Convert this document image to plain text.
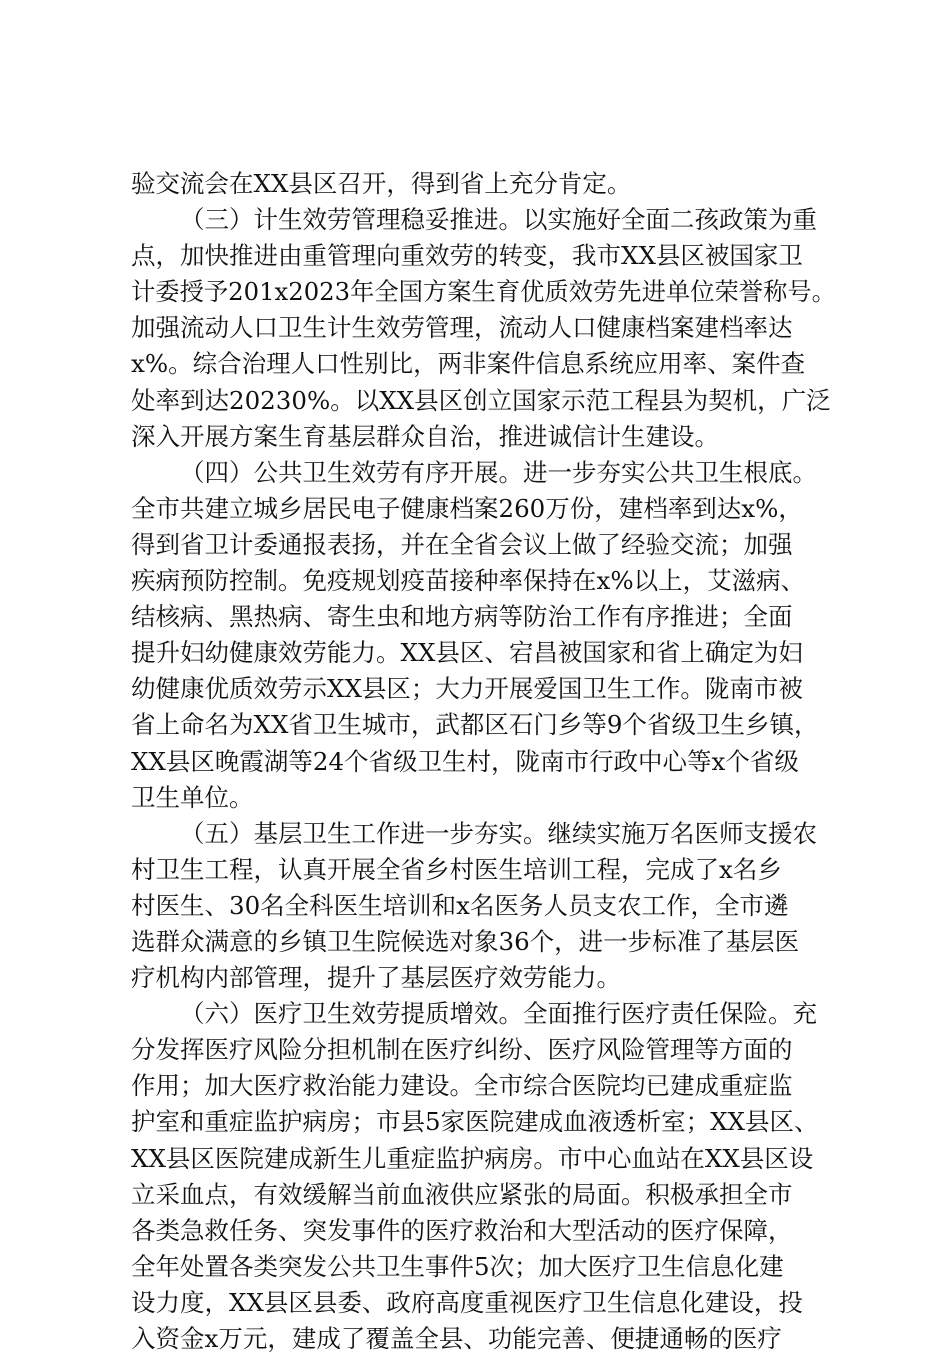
验交流会在XX县区召开，得到省上充分肯定。
（三）计生效劳管理稳妥推进。以实施好全面二孩政策为重
点，加快推进由重管理向重效劳的转变，我市XX县区被国家卫
计委授予201x2023年全国方案生育优质效劳先进单位荣誉称号。
加强流动人口卫生计生效劳管理，流动人口健康档案建档率达
x%。综合治理人口性别比，两非案件信息系统应用率、案件查
处率到达20230%。以XX县区创立国家示范工程县为契机，广泛
深入开展方案生育基层群众自治，推进诚信计生建设。
（四）公共卫生效劳有序开展。进一步夯实公共卫生根底。
全市共建立城乡居民电子健康档案260万份，建档率到达x%，
得到省卫计委通报表扬，并在全省会议上做了经验交流；加强
疾病预防控制。免疫规划疫苗接种率保持在x%以上，艾滋病、
结核病、黑热病、寄生虫和地方病等防治工作有序推进；全面
提升妇幼健康效劳能力。XX县区、宕昌被国家和省上确定为妇
幼健康优质效劳示XX县区；大力开展爱国卫生工作。陇南市被
省上命名为XX省卫生城市，武都区石门乡等9个省级卫生乡镇，
XX县区晚霞湖等24个省级卫生村，陇南市行政中心等x个省级
卫生单位。
（五）基层卫生工作进一步夯实。继续实施万名医师支援农
村卫生工程，认真开展全省乡村医生培训工程，完成了x名乡
村医生、30名全科医生培训和x名医务人员支农工作，全市遴
选群众满意的乡镇卫生院候选对象36个，进一步标准了基层医
疗机构内部管理，提升了基层医疗效劳能力。
（六）医疗卫生效劳提质增效。全面推行医疗责任保险。充
分发挥医疗风险分担机制在医疗纠纷、医疗风险管理等方面的
作用；加大医疗救治能力建设。全市综合医院均已建成重症监
护室和重症监护病房；市县5家医院建成血液透析室；XX县区、
XX县区医院建成新生儿重症监护病房。市中心血站在XX县区设
立采血点，有效缓解当前血液供应紧张的局面。积极承担全市
各类急救任务、突发事件的医疗救治和大型活动的医疗保障，
全年处置各类突发公共卫生事件5次；加大医疗卫生信息化建
设力度，XX县区县委、政府高度重视医疗卫生信息化建设，投
入资金x万元，建成了覆盖全县、功能完善、便捷通畅的医疗
